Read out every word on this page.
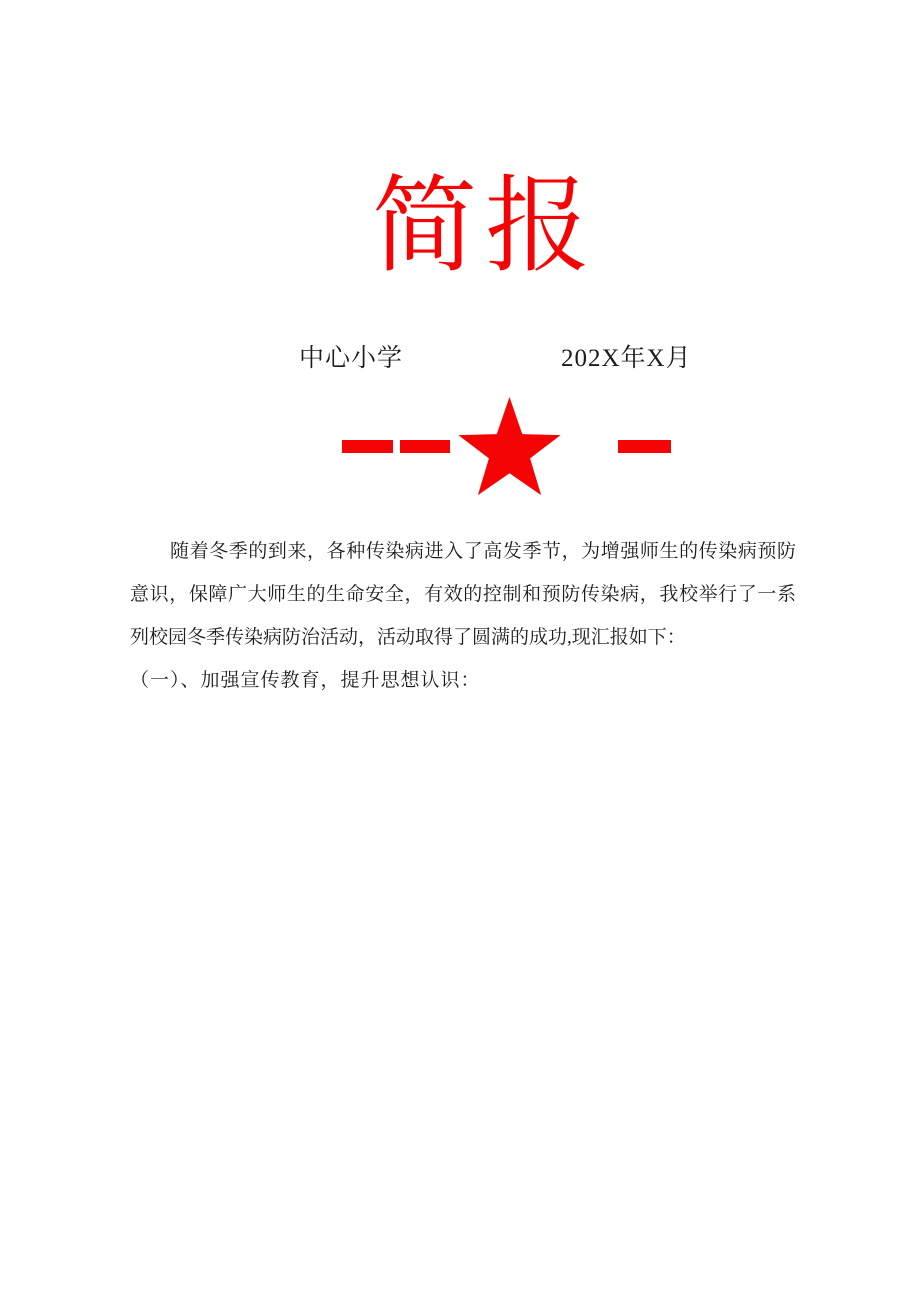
简报
中心小学	202X年X月
随着冬季的到来，各种传染病进入了高发季节，为增强师生的传染病预防
意识，保障广大师生的生命安全，有效的控制和预防传染病，我校举行了一系
列校园冬季传染病防治活动，活动取得了圆满的成功,现汇报如下：
（一）、加强宣传教育，提升思想认识：
